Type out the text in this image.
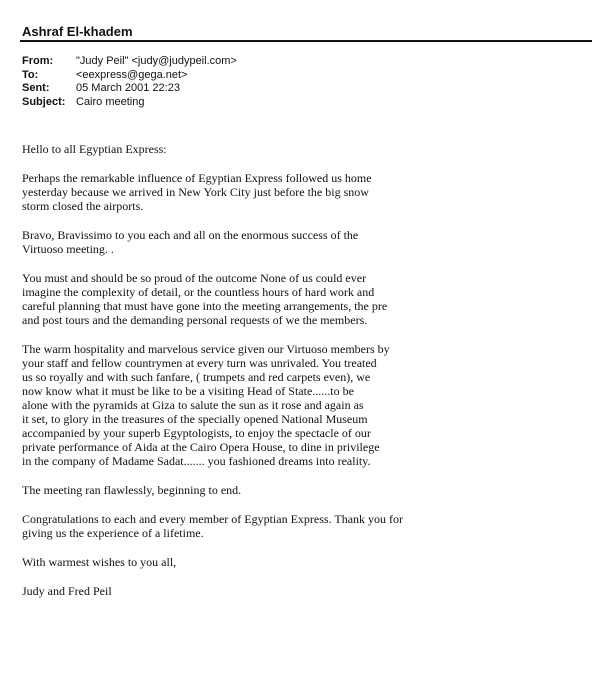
Ashraf El-khadem
From:	"Judy Peil" <judy@judypeil.com>
To:	<eexpress@gega.net>
Sent:	05 March 2001 22:23
Subject: Cairo meeting

Hello to all Egyptian Express:

Perhaps the remarkable influence of Egyptian Express followed us home
yesterday because we arrived in New York City just before the big snow
storm closed the airports.

Bravo, Bravissimo to you each and all on the enormous success of the
Virtuoso meeting. .

You must and should be so proud of the outcome None of us could ever
imagine the complexity of detail, or the countless hours of hard work and
careful planning that must have gone into the meeting arrangements, the pre
and post tours and the demanding personal requests of we the members.

The warm hospitality and marvelous service given our Virtuoso members by
your staff and fellow countrymen at every turn was unrivaled. You treated
us so royally and with such fanfare, ( trumpets and red carpets even), we
now know what it must be like to be a visiting Head of State......to be
alone with the pyramids at Giza to salute the sun as it rose and again as
it set, to glory in the treasures of the specially opened National Museum
accompanied by your superb Egyptologists, to enjoy the spectacle of our
private performance of Aida at the Cairo Opera House, to dine in privilege
in the company of Madame Sadat....... you fashioned dreams into reality.

The meeting ran flawlessly, beginning to end.

Congratulations to each and every member of Egyptian Express. Thank you for
giving us the experience of a lifetime.

With warmest wishes to you all,

Judy and Fred Peil
